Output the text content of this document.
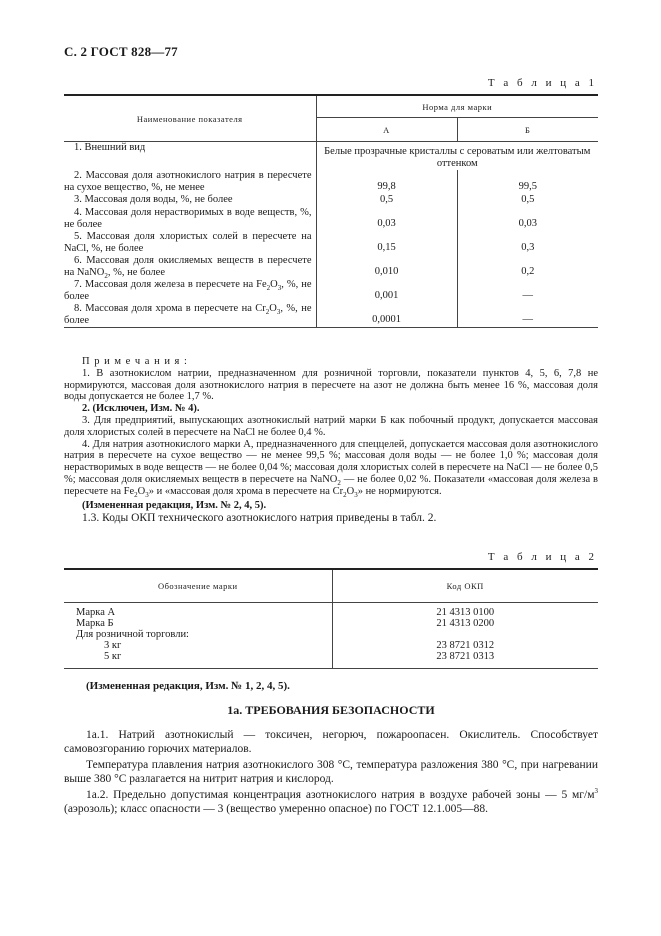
С. 2 ГОСТ 828—77
Т а б л и ц а 1
Наименование показателя	Норма для марки	
	А	Б
1. Внешний вид	Белые прозрачные кристаллы с сероватым или желтоватым оттенком	
2. Массовая доля азотнокислого натрия в пересчете на сухое вещество, %, не менее	99,8	99,5
3. Массовая доля воды, %, не более	0,5	0,5
4. Массовая доля нерастворимых в воде веществ, %, не более	0,03	0,03
5. Массовая доля хлористых солей в пересчете на NaCl, %, не более	0,15	0,3
6. Массовая доля окисляемых веществ в пересчете на NaNO$_2$, %, не более	0,010	0,2
7. Массовая доля железа в пересчете на $Fe_2O_3$, %, не более	0,001	—
8. Массовая доля хрома в пересчете на $Cr_2O_3$, %, не более	0,0001	—

П р и м е ч а н и я :

1. В азотнокислом натрии, предназначенном для розничной торговли, показатели пунктов 4, 5, 6, 7,8 не нормируются, массовая доля азотнокислого натрия в пересчете на азот не должна быть менее 16 %, массовая доля воды допускается не более 1,7 %.

2. (Исключен, Изм. № 4).

3. Для предприятий, выпускающих азотнокислый натрий марки Б как побочный продукт, допускается массовая доля хлористых солей в пересчете на NaCl не более 0,4 %.

4. Для натрия азотнокислого марки А, предназначенного для спеццелей, допускается массовая доля азотнокислого натрия в пересчете на сухое вещество — не менее 99,5 %; массовая доля воды — не более 1,0 %; массовая доля нерастворимых в воде веществ — не более 0,04 %; массовая доля хлористых солей в пересчете на NaCl — не более 0,5 %; массовая доля окисляемых веществ в пересчете на NaNO$_2$ — не более 0,02 %. Показатели «массовая доля железа в пересчете на $Fe_2O_3$» и «массовая доля хрома в пересчете на $Cr_2O_3$» не нормируются.

(Измененная редакция, Изм. № 2, 4, 5).

1.3. Коды ОКП технического азотнокислого натрия приведены в табл. 2.

Т а б л и ц а 2
Обозначение марки	Код ОКП
Марка А	21 4313 0100
Марка Б	21 4313 0200
Для розничной торговли:	
3 кг	23 8721 0312
5 кг	23 8721 0313

(Измененная редакция, Изм. № 1, 2, 4, 5).

1а. ТРЕБОВАНИЯ БЕЗОПАСНОСТИ

1а.1. Натрий азотнокислый — токсичен, негорюч, пожароопасен. Окислитель. Способствует самовозгоранию горючих материалов.

Температура плавления натрия азотнокислого 308 °С, температура разложения 380 °С, при нагревании выше 380 °С разлагается на нитрит натрия и кислород.

1а.2. Предельно допустимая концентрация азотнокислого натрия в воздухе рабочей зоны — 5 $мг/м^3$ (аэрозоль); класс опасности — 3 (вещество умеренно опасное) по ГОСТ 12.1.005—88.
